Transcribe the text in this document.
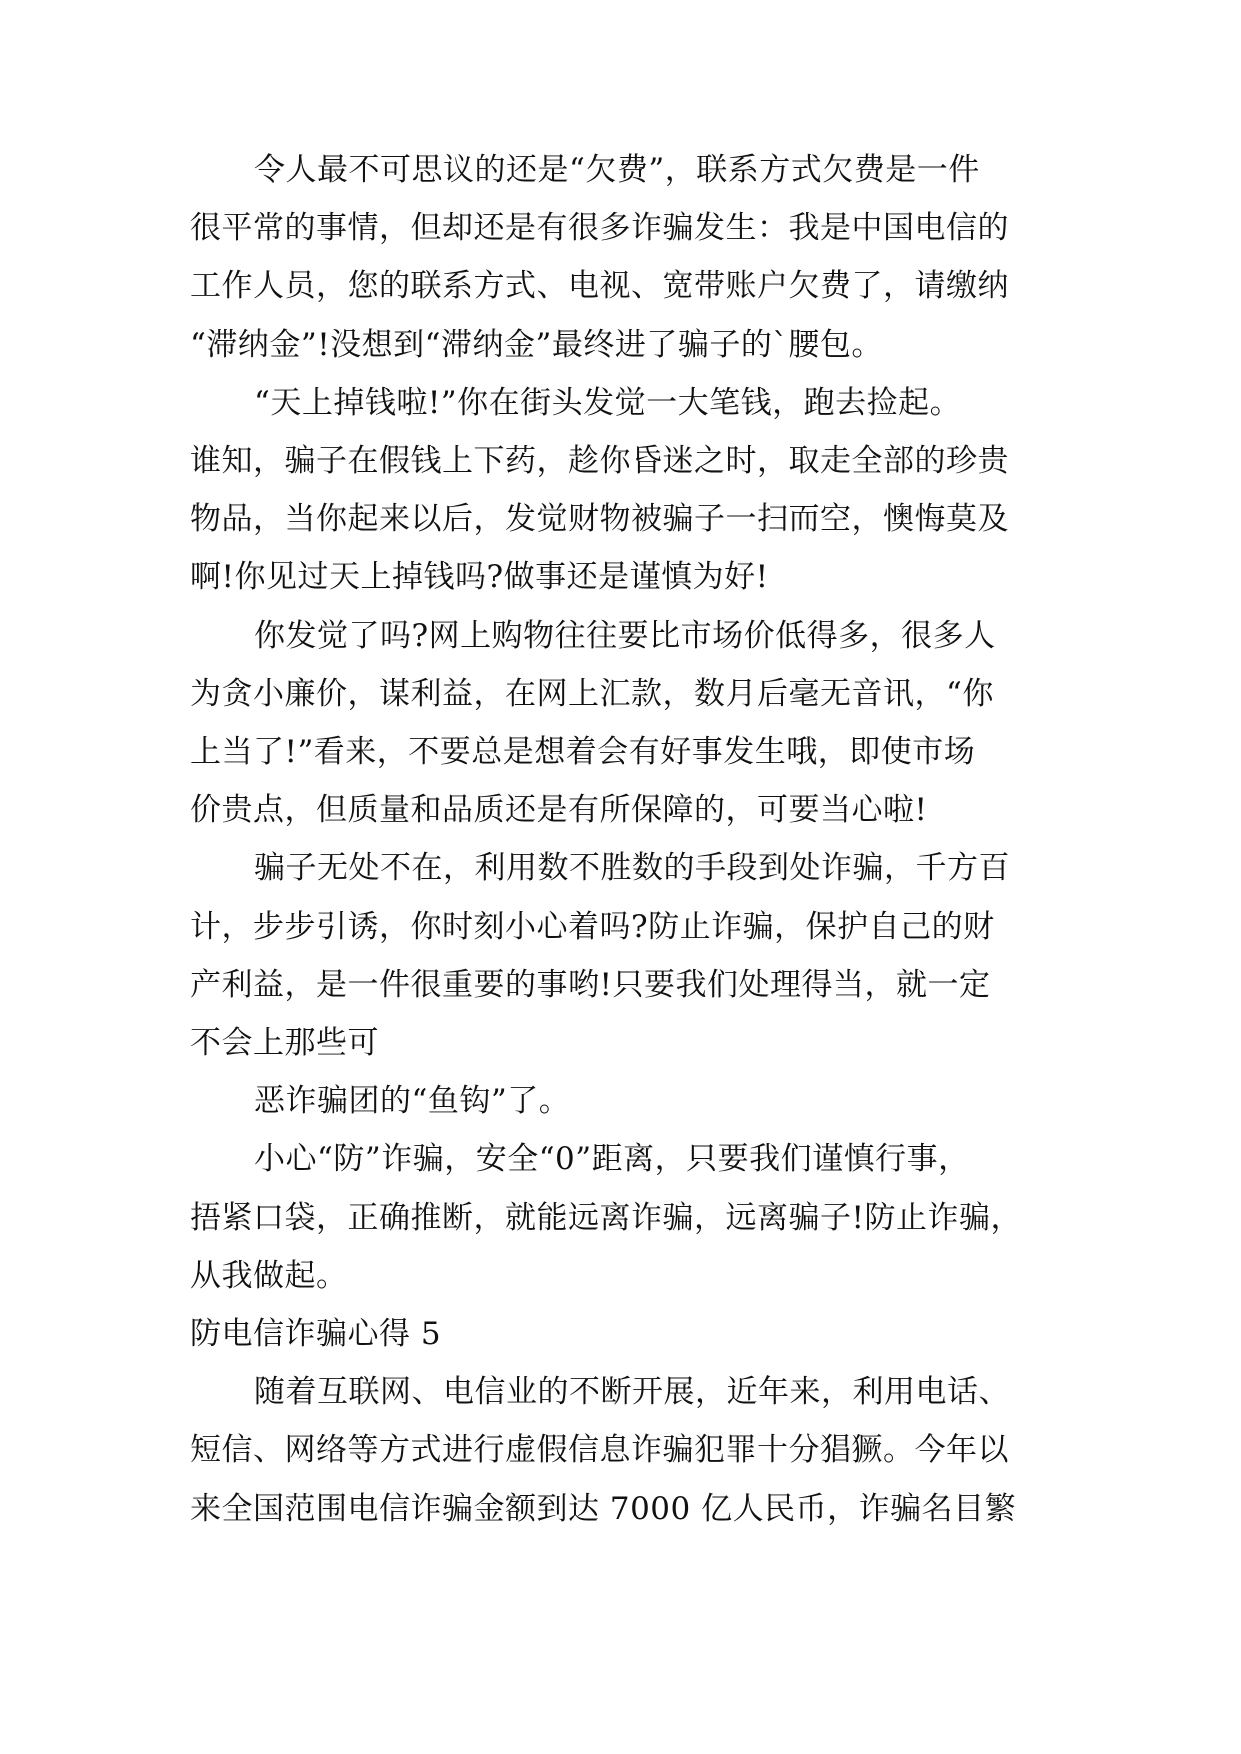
令人最不可思议的还是“欠费”，联系方式欠费是一件

很平常的事情，但却还是有很多诈骗发生：我是中国电信的

工作人员，您的联系方式、电视、宽带账户欠费了，请缴纳

“滞纳金”!没想到“滞纳金”最终进了骗子的`腰包。

“天上掉钱啦!”你在街头发觉一大笔钱，跑去捡起。

谁知，骗子在假钱上下药，趁你昏迷之时，取走全部的珍贵

物品，当你起来以后，发觉财物被骗子一扫而空，懊悔莫及

啊!你见过天上掉钱吗?做事还是谨慎为好!

你发觉了吗?网上购物往往要比市场价低得多，很多人

为贪小廉价，谋利益，在网上汇款，数月后毫无音讯，“你

上当了!”看来，不要总是想着会有好事发生哦，即使市场

价贵点，但质量和品质还是有所保障的，可要当心啦!

骗子无处不在，利用数不胜数的手段到处诈骗，千方百

计，步步引诱，你时刻小心着吗?防止诈骗，保护自己的财

产利益，是一件很重要的事哟!只要我们处理得当，就一定

不会上那些可

恶诈骗团的“鱼钩”了。

小心“防”诈骗，安全“0”距离，只要我们谨慎行事，

捂紧口袋，正确推断，就能远离诈骗，远离骗子!防止诈骗，

从我做起。

防电信诈骗心得 5

随着互联网、电信业的不断开展，近年来，利用电话、

短信、网络等方式进行虚假信息诈骗犯罪十分猖獗。今年以

来全国范围电信诈骗金额到达 7000 亿人民币，诈骗名目繁
